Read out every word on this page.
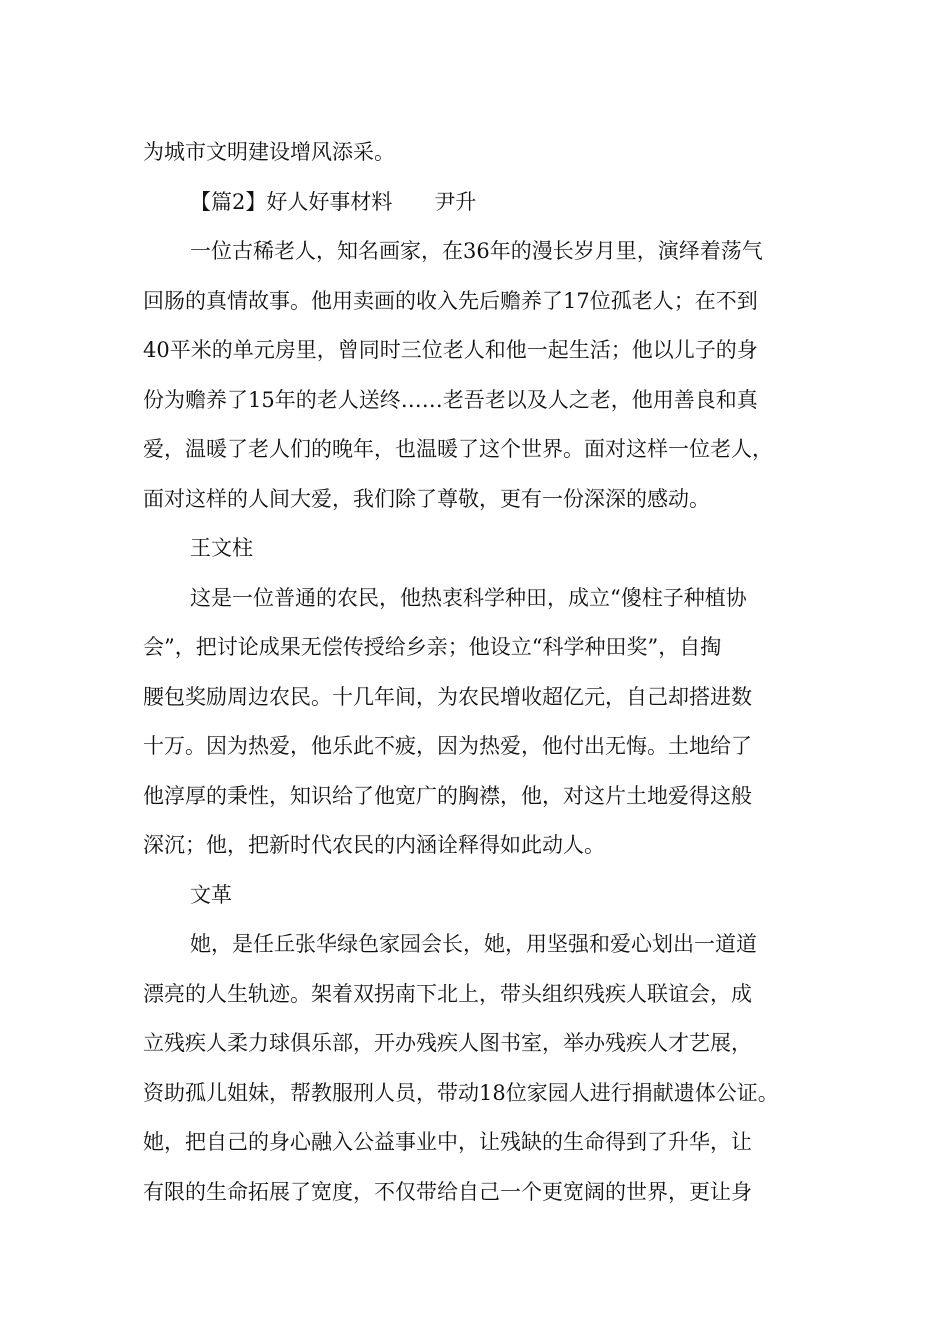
为城市文明建设增风添采。
【篇2】好人好事材料 尹升
一位古稀老人，知名画家，在36年的漫长岁月里，演绎着荡气
回肠的真情故事。他用卖画的收入先后赡养了17位孤老人；在不到
40平米的单元房里，曾同时三位老人和他一起生活；他以儿子的身
份为赡养了15年的老人送终……老吾老以及人之老，他用善良和真
爱，温暖了老人们的晚年，也温暖了这个世界。面对这样一位老人，
面对这样的人间大爱，我们除了尊敬，更有一份深深的感动。
王文柱
这是一位普通的农民，他热衷科学种田，成立“傻柱子种植协
会”，把讨论成果无偿传授给乡亲；他设立“科学种田奖”，自掏
腰包奖励周边农民。十几年间，为农民增收超亿元，自己却搭进数
十万。因为热爱，他乐此不疲，因为热爱，他付出无悔。土地给了
他淳厚的秉性，知识给了他宽广的胸襟，他，对这片土地爱得这般
深沉；他，把新时代农民的内涵诠释得如此动人。
文革
她，是任丘张华绿色家园会长，她，用坚强和爱心划出一道道
漂亮的人生轨迹。架着双拐南下北上，带头组织残疾人联谊会，成
立残疾人柔力球俱乐部，开办残疾人图书室，举办残疾人才艺展，
资助孤儿姐妹，帮教服刑人员，带动18位家园人进行捐献遗体公证。
她，把自己的身心融入公益事业中，让残缺的生命得到了升华，让
有限的生命拓展了宽度，不仅带给自己一个更宽阔的世界，更让身
